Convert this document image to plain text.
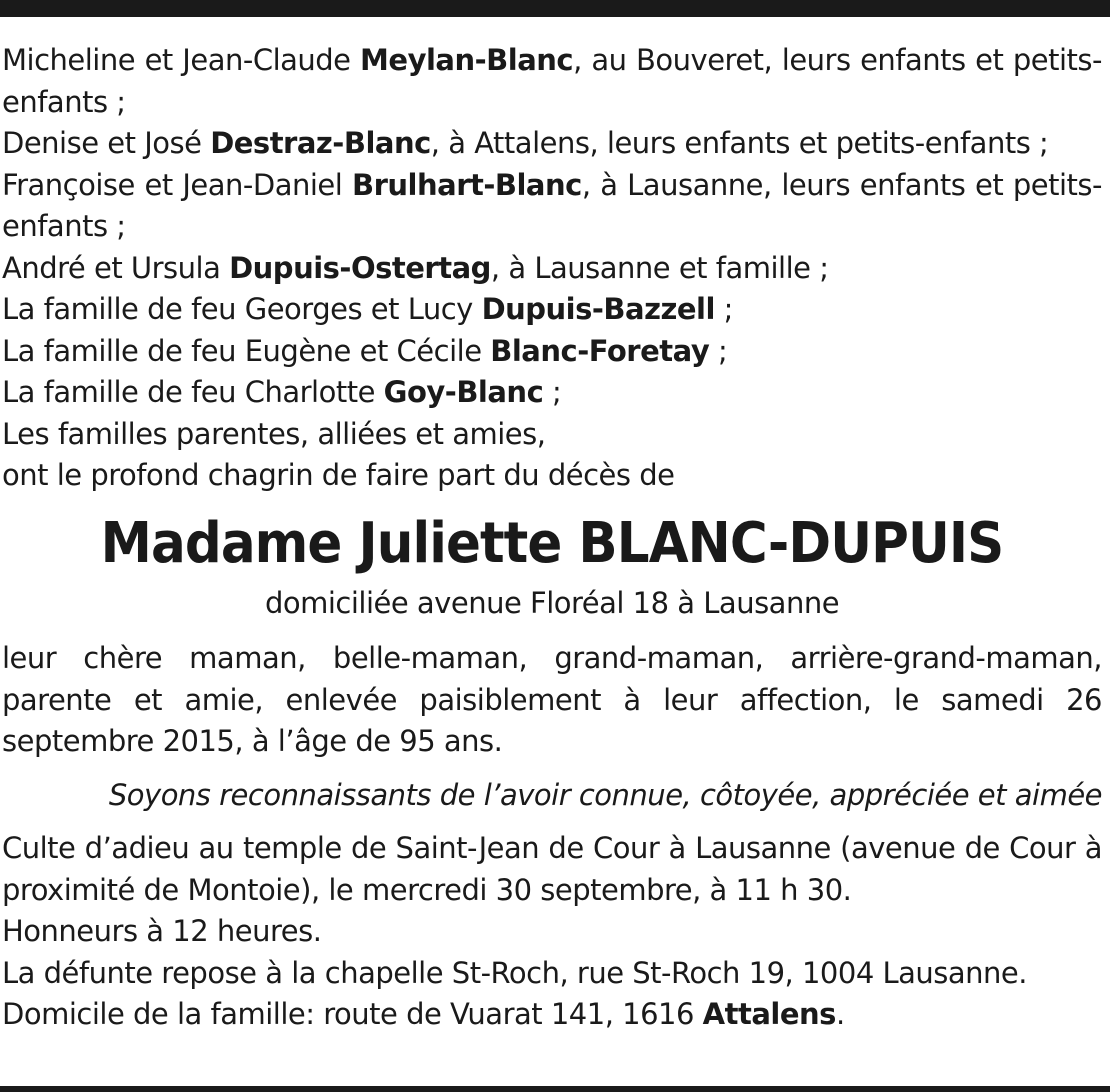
Micheline et Jean-Claude Meylan-Blanc, au Bouveret, leurs enfants et petits-enfants ;

Denise et José Destraz-Blanc, à Attalens, leurs enfants et petits-enfants ;

Françoise et Jean-Daniel Brulhart-Blanc, à Lausanne, leurs enfants et petits-enfants ;

André et Ursula Dupuis-Ostertag, à Lausanne et famille ;

La famille de feu Georges et Lucy Dupuis-Bazzell ;

La famille de feu Eugène et Cécile Blanc-Foretay ;

La famille de feu Charlotte Goy-Blanc ;

Les familles parentes, alliées et amies,

ont le profond chagrin de faire part du décès de

Madame Juliette BLANC-DUPUIS

domiciliée avenue Floréal 18 à Lausanne

leur chère maman, belle-maman, grand-maman, arrière-grand-maman, parente et amie, enlevée paisiblement à leur affection, le samedi 26 septembre 2015, à l’âge de 95 ans.

Soyons reconnaissants de l’avoir connue, côtoyée, appréciée et aimée

Culte d’adieu au temple de Saint-Jean de Cour à Lausanne (avenue de Cour à proximité de Montoie), le mercredi 30 septembre, à 11 h 30.

Honneurs à 12 heures.

La défunte repose à la chapelle St-Roch, rue St-Roch 19, 1004 Lausanne.

Domicile de la famille: route de Vuarat 141, 1616 Attalens.
